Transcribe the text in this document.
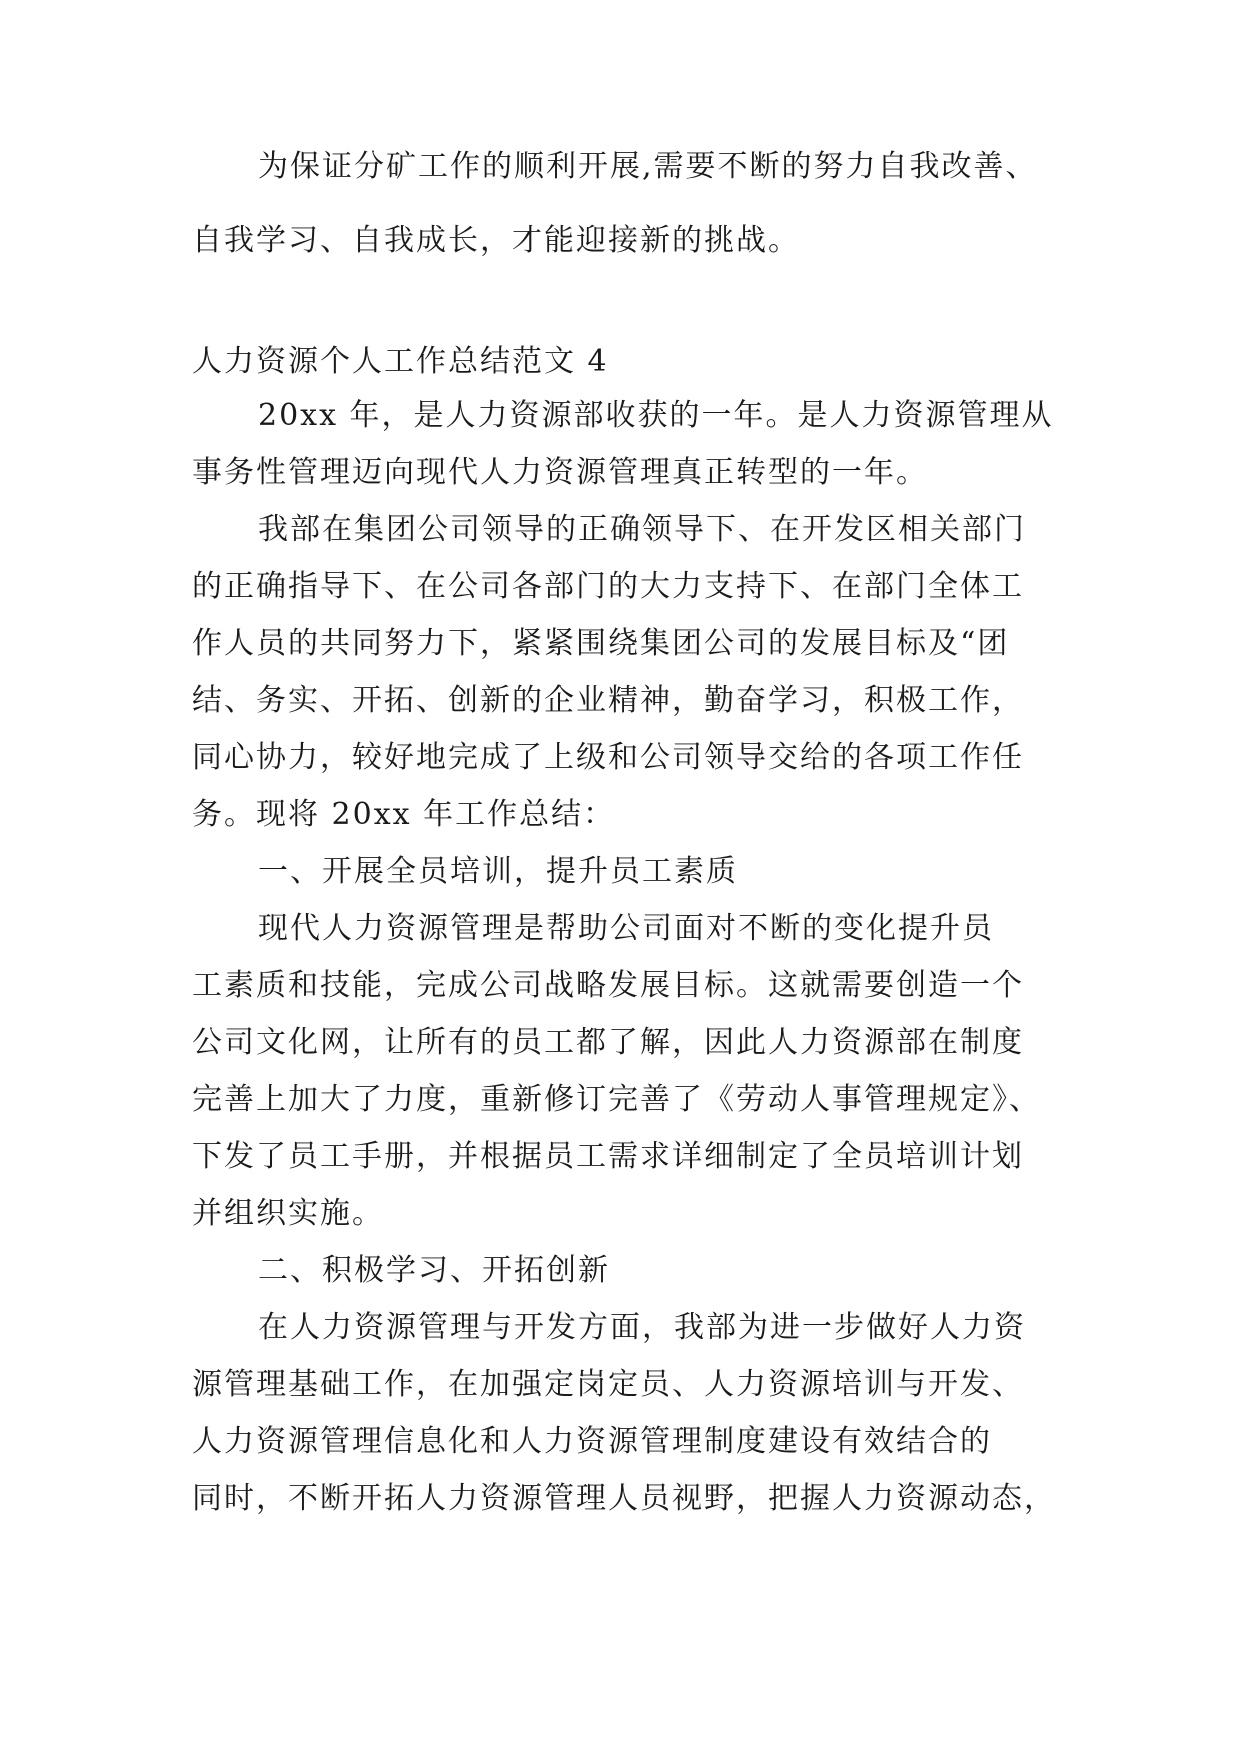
为保证分矿工作的顺利开展,需要不断的努力自我改善、
自我学习、自我成长，才能迎接新的挑战。
人力资源个人工作总结范文 4
20xx 年，是人力资源部收获的一年。是人力资源管理从
事务性管理迈向现代人力资源管理真正转型的一年。
我部在集团公司领导的正确领导下、在开发区相关部门
的正确指导下、在公司各部门的大力支持下、在部门全体工
作人员的共同努力下，紧紧围绕集团公司的发展目标及“团
结、务实、开拓、创新的企业精神，勤奋学习，积极工作，
同心协力，较好地完成了上级和公司领导交给的各项工作任
务。现将 20xx 年工作总结：
一、开展全员培训，提升员工素质
现代人力资源管理是帮助公司面对不断的变化提升员
工素质和技能，完成公司战略发展目标。这就需要创造一个
公司文化网，让所有的员工都了解，因此人力资源部在制度
完善上加大了力度，重新修订完善了《劳动人事管理规定》、
下发了员工手册，并根据员工需求详细制定了全员培训计划
并组织实施。
二、积极学习、开拓创新
在人力资源管理与开发方面，我部为进一步做好人力资
源管理基础工作，在加强定岗定员、人力资源培训与开发、
人力资源管理信息化和人力资源管理制度建设有效结合的
同时，不断开拓人力资源管理人员视野，把握人力资源动态，
